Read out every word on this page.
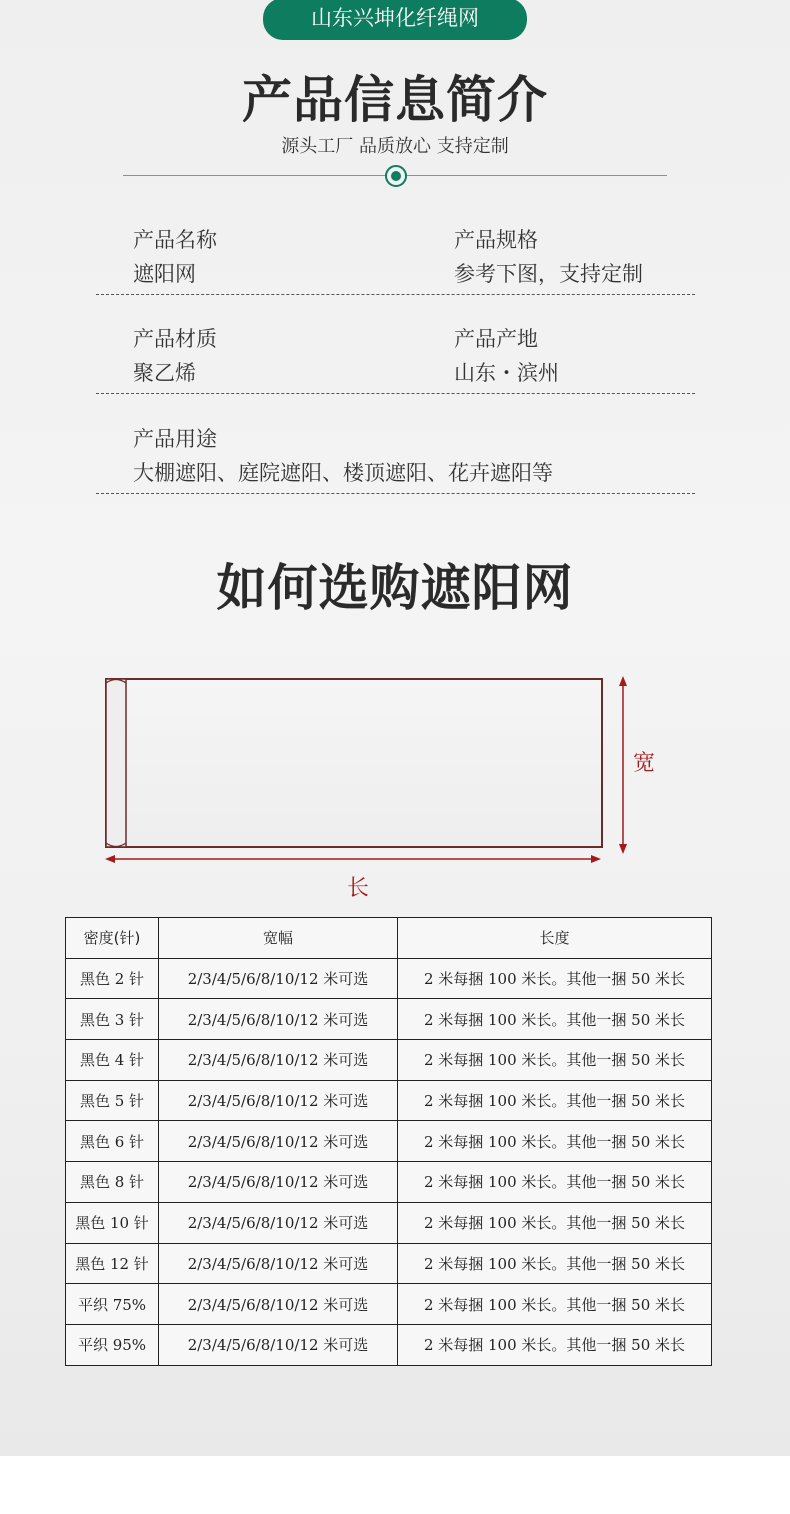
山东兴坤化纤绳网
产品信息简介
源头工厂 品质放心 支持定制
产品名称
遮阳网
产品规格
参考下图，支持定制
产品材质
聚乙烯
产品产地
山东・滨州
产品用途
大棚遮阳、庭院遮阳、楼顶遮阳、花卉遮阳等
如何选购遮阳网
宽
长
密度(针)	宽幅	长度
黑色 2 针	2/3/4/5/6/8/10/12 米可选	2 米每捆 100 米长。其他一捆 50 米长
黑色 3 针	2/3/4/5/6/8/10/12 米可选	2 米每捆 100 米长。其他一捆 50 米长
黑色 4 针	2/3/4/5/6/8/10/12 米可选	2 米每捆 100 米长。其他一捆 50 米长
黑色 5 针	2/3/4/5/6/8/10/12 米可选	2 米每捆 100 米长。其他一捆 50 米长
黑色 6 针	2/3/4/5/6/8/10/12 米可选	2 米每捆 100 米长。其他一捆 50 米长
黑色 8 针	2/3/4/5/6/8/10/12 米可选	2 米每捆 100 米长。其他一捆 50 米长
黑色 10 针	2/3/4/5/6/8/10/12 米可选	2 米每捆 100 米长。其他一捆 50 米长
黑色 12 针	2/3/4/5/6/8/10/12 米可选	2 米每捆 100 米长。其他一捆 50 米长
平织 75%	2/3/4/5/6/8/10/12 米可选	2 米每捆 100 米长。其他一捆 50 米长
平织 95%	2/3/4/5/6/8/10/12 米可选	2 米每捆 100 米长。其他一捆 50 米长
